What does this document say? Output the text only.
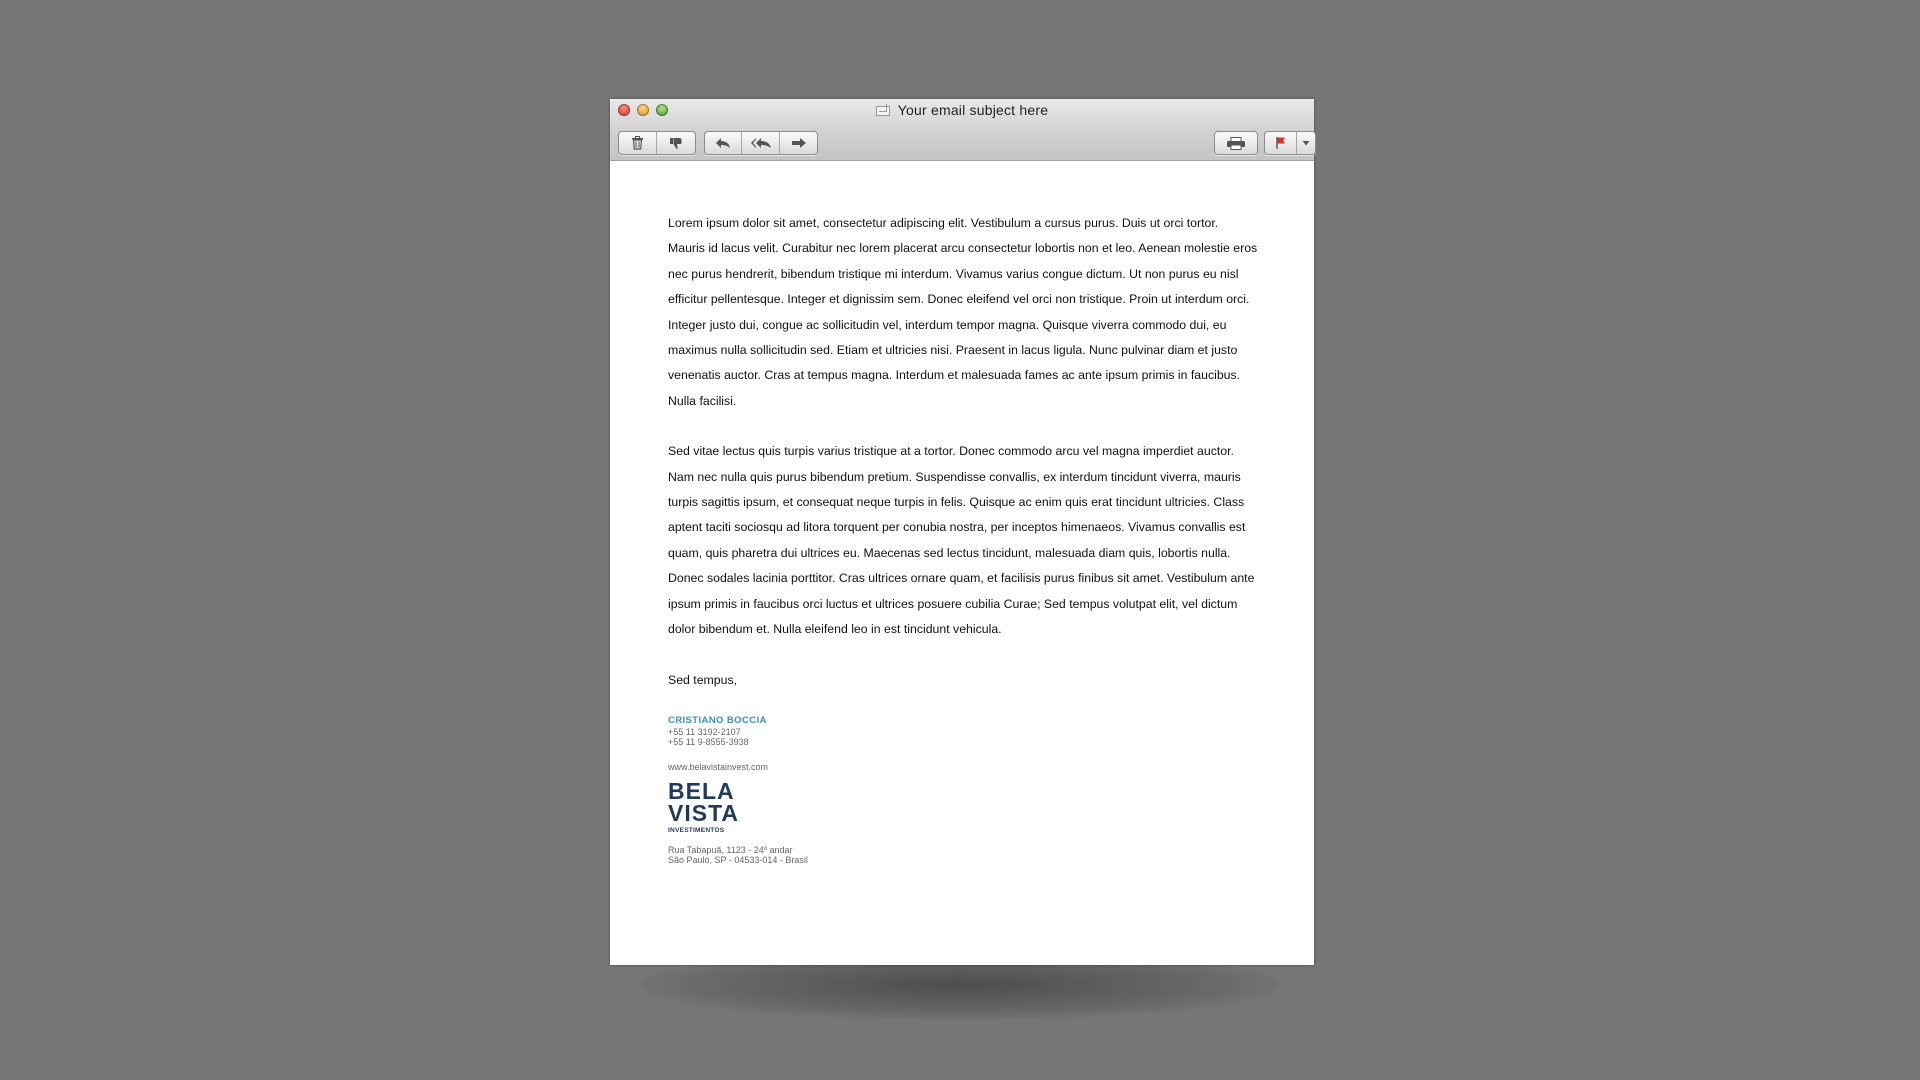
Your email subject here

Lorem ipsum dolor sit amet, consectetur adipiscing elit. Vestibulum a cursus purus. Duis ut orci tortor. Mauris id lacus velit. Curabitur nec lorem placerat arcu consectetur lobortis non et leo. Aenean molestie eros nec purus hendrerit, bibendum tristique mi interdum. Vivamus varius congue dictum. Ut non purus eu nisl efficitur pellentesque. Integer et dignissim sem. Donec eleifend vel orci non tristique. Proin ut interdum orci. Integer justo dui, congue ac sollicitudin vel, interdum tempor magna. Quisque viverra commodo dui, eu maximus nulla sollicitudin sed. Etiam et ultricies nisi. Praesent in lacus ligula. Nunc pulvinar diam et justo venenatis auctor. Cras at tempus magna. Interdum et malesuada fames ac ante ipsum primis in faucibus. Nulla facilisi.

Sed vitae lectus quis turpis varius tristique at a tortor. Donec commodo arcu vel magna imperdiet auctor. Nam nec nulla quis purus bibendum pretium. Suspendisse convallis, ex interdum tincidunt viverra, mauris turpis sagittis ipsum, et consequat neque turpis in felis. Quisque ac enim quis erat tincidunt ultricies. Class aptent taciti sociosqu ad litora torquent per conubia nostra, per inceptos himenaeos. Vivamus convallis est quam, quis pharetra dui ultrices eu. Maecenas sed lectus tincidunt, malesuada diam quis, lobortis nulla. Donec sodales lacinia porttitor. Cras ultrices ornare quam, et facilisis purus finibus sit amet. Vestibulum ante ipsum primis in faucibus orci luctus et ultrices posuere cubilia Curae; Sed tempus volutpat elit, vel dictum dolor bibendum et. Nulla eleifend leo in est tincidunt vehicula.

Sed tempus,

CRISTIANO BOCCIA
+55 11 3192-2107
+55 11 9-8555-3938
www.belavistainvest.com
BELA
VISTA
INVESTIMENTOS
Rua Tabapuã, 1123 - 24º andar
São Paulo, SP - 04533-014 - Brasil
